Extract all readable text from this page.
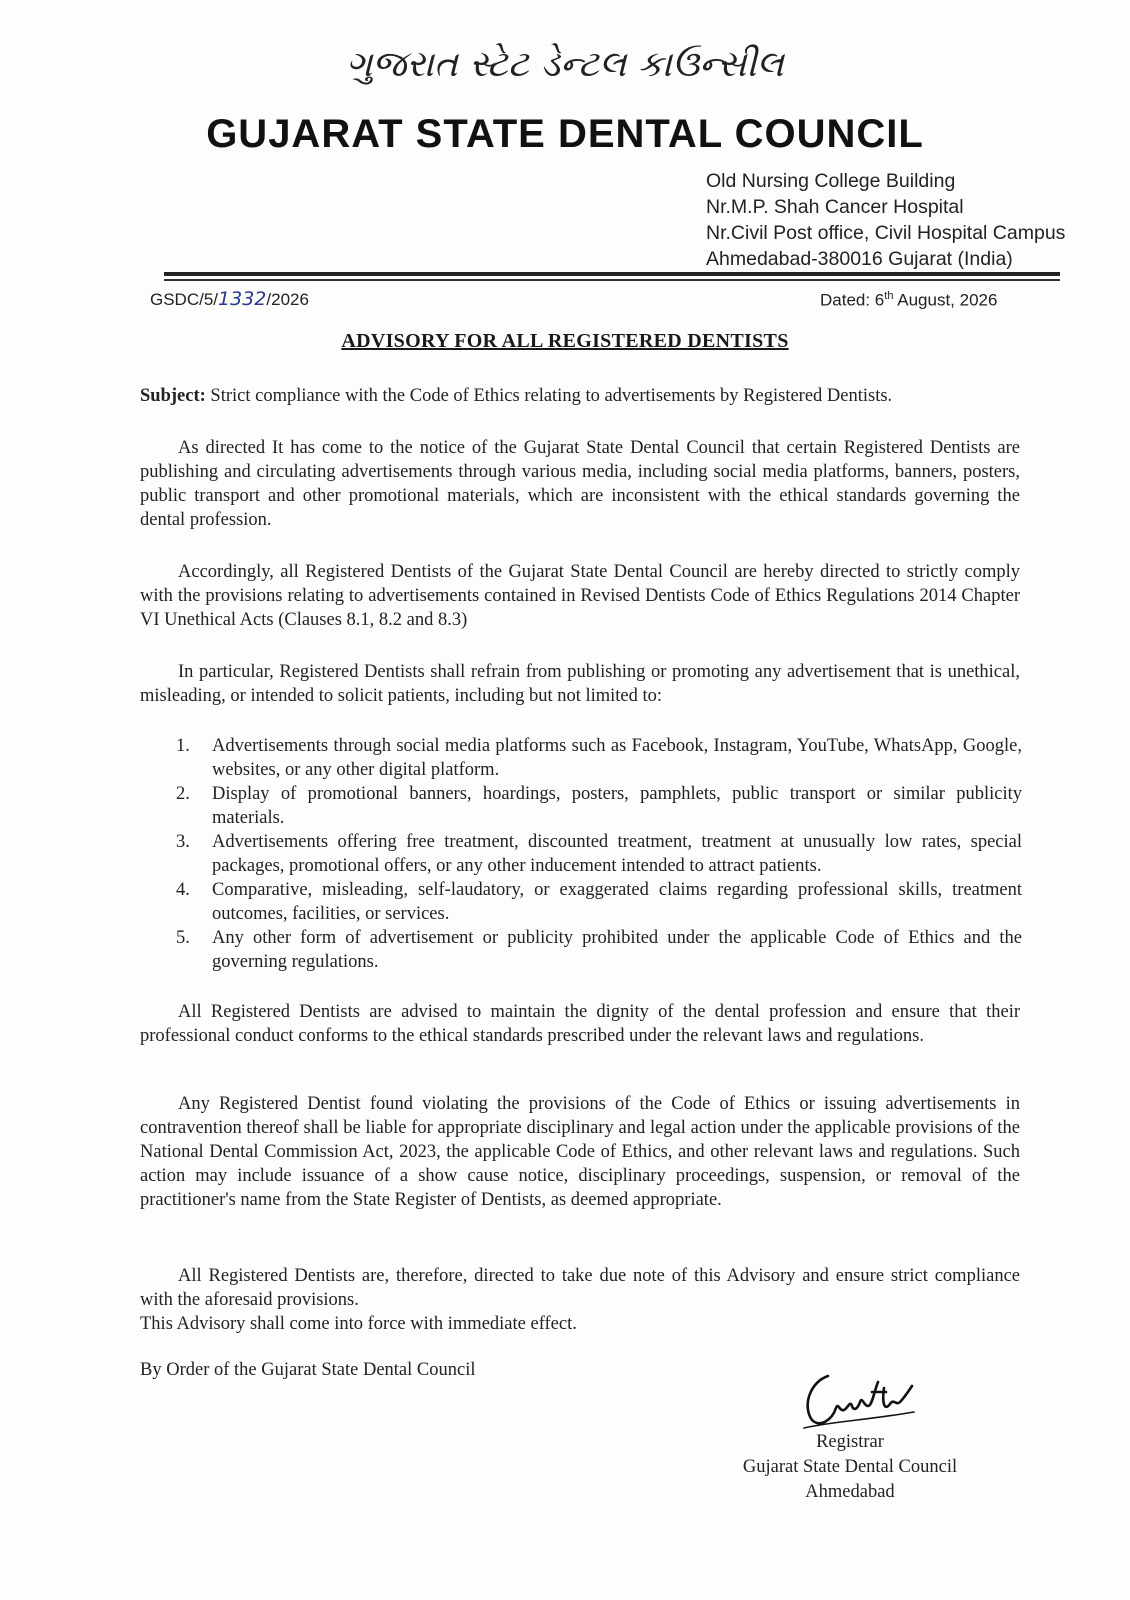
ગુજરાત સ્ટેટ ડેન્ટલ કાઉન્સીલ
GUJARAT STATE DENTAL COUNCIL
Old Nursing College Building
Nr.M.P. Shah Cancer Hospital
Nr.Civil Post office, Civil Hospital Campus
Ahmedabad-380016 Gujarat (India)
GSDC/5/1332/2026	Dated: 6th August, 2026
ADVISORY FOR ALL REGISTERED DENTISTS
Subject: Strict compliance with the Code of Ethics relating to advertisements by Registered Dentists.
As directed It has come to the notice of the Gujarat State Dental Council that certain Registered Dentists are publishing and circulating advertisements through various media, including social media platforms, banners, posters, public transport and other promotional materials, which are inconsistent with the ethical standards governing the dental profession.
Accordingly, all Registered Dentists of the Gujarat State Dental Council are hereby directed to strictly comply with the provisions relating to advertisements contained in Revised Dentists Code of Ethics Regulations 2014 Chapter VI Unethical Acts (Clauses 8.1, 8.2 and 8.3)
In particular, Registered Dentists shall refrain from publishing or promoting any advertisement that is unethical, misleading, or intended to solicit patients, including but not limited to:
1. Advertisements through social media platforms such as Facebook, Instagram, YouTube, WhatsApp, Google, websites, or any other digital platform.
2. Display of promotional banners, hoardings, posters, pamphlets, public transport or similar publicity materials.
3. Advertisements offering free treatment, discounted treatment, treatment at unusually low rates, special packages, promotional offers, or any other inducement intended to attract patients.
4. Comparative, misleading, self-laudatory, or exaggerated claims regarding professional skills, treatment outcomes, facilities, or services.
5. Any other form of advertisement or publicity prohibited under the applicable Code of Ethics and the governing regulations.
All Registered Dentists are advised to maintain the dignity of the dental profession and ensure that their professional conduct conforms to the ethical standards prescribed under the relevant laws and regulations.
Any Registered Dentist found violating the provisions of the Code of Ethics or issuing advertisements in contravention thereof shall be liable for appropriate disciplinary and legal action under the applicable provisions of the National Dental Commission Act, 2023, the applicable Code of Ethics, and other relevant laws and regulations. Such action may include issuance of a show cause notice, disciplinary proceedings, suspension, or removal of the practitioner's name from the State Register of Dentists, as deemed appropriate.
All Registered Dentists are, therefore, directed to take due note of this Advisory and ensure strict compliance with the aforesaid provisions.
This Advisory shall come into force with immediate effect.
By Order of the Gujarat State Dental Council
Registrar
Gujarat State Dental Council
Ahmedabad
